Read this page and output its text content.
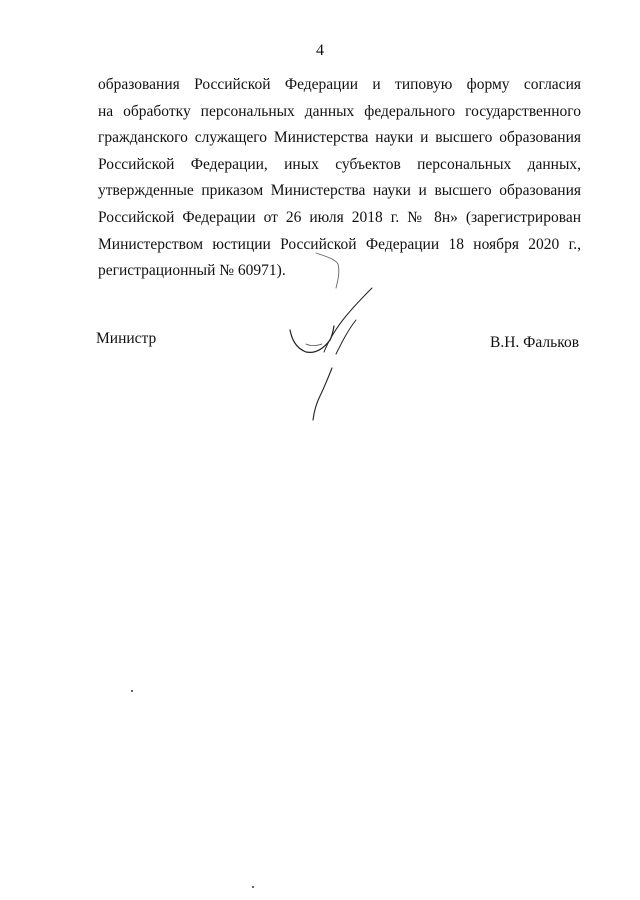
4
образования Российской Федерации и типовую форму согласия
на обработку персональных данных федерального государственного
гражданского служащего Министерства науки и высшего образования
Российской Федерации, иных субъектов персональных данных,
утвержденные приказом Министерства науки и высшего образования
Российской Федерации от 26 июля 2018 г. № 8н» (зарегистрирован
Министерством юстиции Российской Федерации 18 ноября 2020 г.,
регистрационный № 60971).
Министр	В.Н. Фальков
